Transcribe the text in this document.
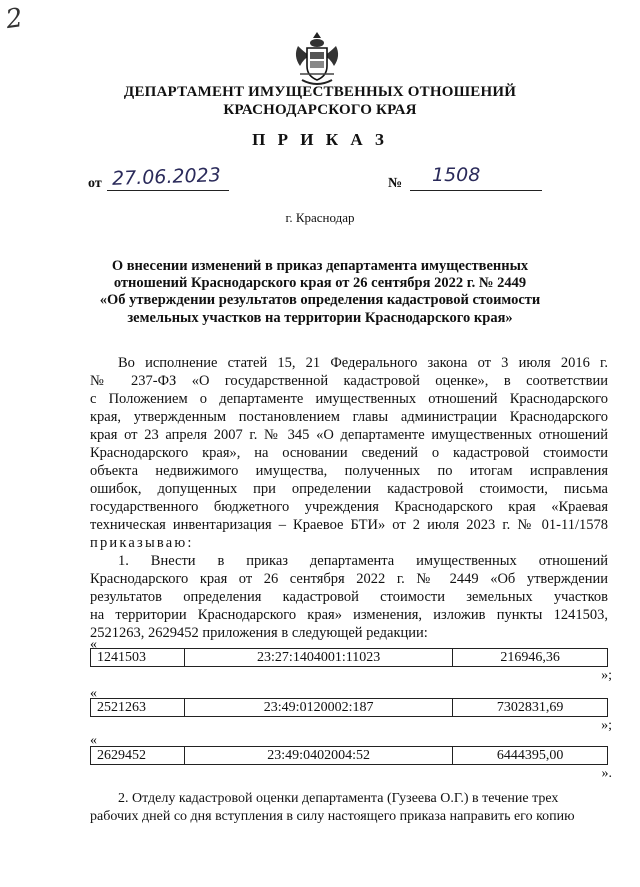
2
ДЕПАРТАМЕНТ ИМУЩЕСТВЕННЫХ ОТНОШЕНИЙ
КРАСНОДАРСКОГО КРАЯ
П Р И К А З
от 27.06.2023	№ 1508
г. Краснодар
О внесении изменений в приказ департамента имущественных
отношений Краснодарского края от 26 сентября 2022 г. № 2449
«Об утверждении результатов определения кадастровой стоимости
земельных участков на территории Краснодарского края»
Во исполнение статей 15, 21 Федерального закона от 3 июля 2016 г.
№ 237-ФЗ «О государственной кадастровой оценке», в соответствии
с Положением о департаменте имущественных отношений Краснодарского
края, утвержденным постановлением главы администрации Краснодарского
края от 23 апреля 2007 г. № 345 «О департаменте имущественных отношений
Краснодарского края», на основании сведений о кадастровой стоимости
объекта недвижимого имущества, полученных по итогам исправления
ошибок, допущенных при определении кадастровой стоимости, письма
государственного бюджетного учреждения Краснодарского края «Краевая
техническая инвентаризация – Краевое БТИ» от 2 июля 2023 г. № 01-11/1578
приказываю:
1. Внести в приказ департамента имущественных отношений
Краснодарского края от 26 сентября 2022 г. № 2449 «Об утверждении
результатов определения кадастровой стоимости земельных участков
на территории Краснодарского края» изменения, изложив пункты 1241503,
2521263, 2629452 приложения в следующей редакции:
«
1241503	23:27:1404001:11023	216946,36
»;
«
2521263	23:49:0120002:187	7302831,69
»;
«
2629452	23:49:0402004:52	6444395,00
».
2. Отделу кадастровой оценки департамента (Гузеева О.Г.) в течение трех
рабочих дней со дня вступления в силу настоящего приказа направить его копию
